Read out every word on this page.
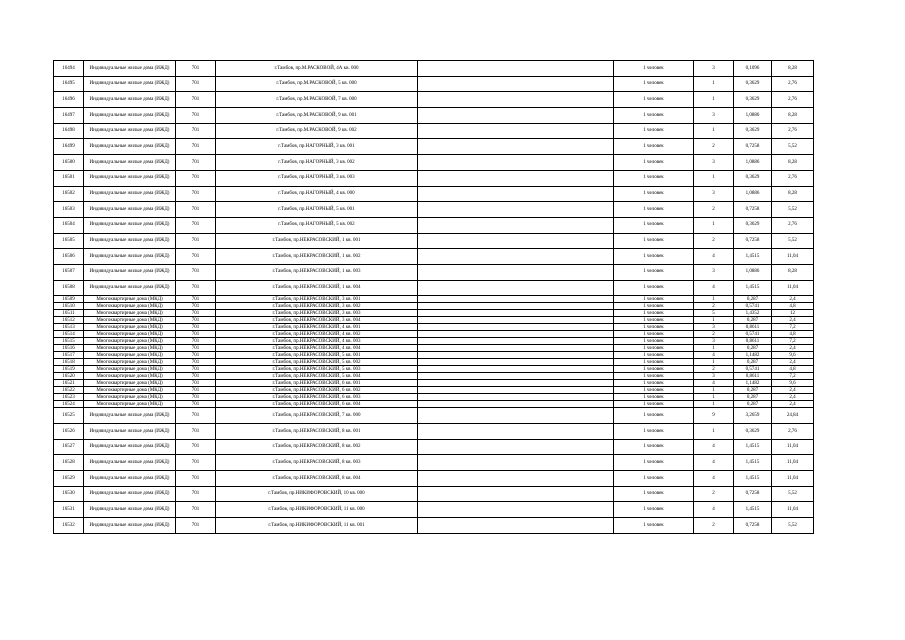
16494	Индивидуальные жилые дома (ИЖД)	701	г.Тамбов, пр.М.РАСКОВОЙ, 4А кв. 000		1 человек	3	0,1096	8,28
16495	Индивидуальные жилые дома (ИЖД)	701	г.Тамбов, пр.М.РАСКОВОЙ, 5 кв. 000		1 человек	1	0,3629	2,76
16496	Индивидуальные жилые дома (ИЖД)	701	г.Тамбов, пр.М.РАСКОВОЙ, 7 кв. 000		1 человек	1	0,3629	2,76
16497	Индивидуальные жилые дома (ИЖД)	701	г.Тамбов, пр.М.РАСКОВОЙ, 9 кв. 001		1 человек	3	1,0886	8,28
16498	Индивидуальные жилые дома (ИЖД)	701	г.Тамбов, пр.М.РАСКОВОЙ, 9 кв. 002		1 человек	1	0,3629	2,76
16499	Индивидуальные жилые дома (ИЖД)	701	г.Тамбов, пр.НАГОРНЫЙ, 3 кв. 001		1 человек	2	0,7258	5,52
16500	Индивидуальные жилые дома (ИЖД)	701	г.Тамбов, пр.НАГОРНЫЙ, 3 кв. 002		1 человек	3	1,0886	8,28
16501	Индивидуальные жилые дома (ИЖД)	701	г.Тамбов, пр.НАГОРНЫЙ, 3 кв. 003		1 человек	1	0,3629	2,76
16502	Индивидуальные жилые дома (ИЖД)	701	г.Тамбов, пр.НАГОРНЫЙ, 4 кв. 000		1 человек	3	1,0886	8,28
16503	Индивидуальные жилые дома (ИЖД)	701	г.Тамбов, пр.НАГОРНЫЙ, 5 кв. 001		1 человек	2	0,7258	5,52
16504	Индивидуальные жилые дома (ИЖД)	701	г.Тамбов, пр.НАГОРНЫЙ, 5 кв. 002		1 человек	1	0,3629	2,76
16505	Индивидуальные жилые дома (ИЖД)	701	г.Тамбов, пр.НЕКРАСОВСКИЙ, 1 кв. 001		1 человек	2	0,7258	5,52
16506	Индивидуальные жилые дома (ИЖД)	701	г.Тамбов, пр.НЕКРАСОВСКИЙ, 1 кв. 002		1 человек	4	1,4515	11,04
16507	Индивидуальные жилые дома (ИЖД)	701	г.Тамбов, пр.НЕКРАСОВСКИЙ, 1 кв. 003		1 человек	3	1,0886	8,28
16508	Индивидуальные жилые дома (ИЖД)	701	г.Тамбов, пр.НЕКРАСОВСКИЙ, 1 кв. 004		1 человек	4	1,4515	11,04
16509	Многоквартирные дома (МКД)	701	г.Тамбов, пр.НЕКРАСОВСКИЙ, 3 кв. 001		1 человек	1	0,287	2,4
16510	Многоквартирные дома (МКД)	701	г.Тамбов, пр.НЕКРАСОВСКИЙ, 3 кв. 002		1 человек	2	0,5741	4,8
16511	Многоквартирные дома (МКД)	701	г.Тамбов, пр.НЕКРАСОВСКИЙ, 3 кв. 003		1 человек	5	1,4352	12
16512	Многоквартирные дома (МКД)	701	г.Тамбов, пр.НЕКРАСОВСКИЙ, 3 кв. 004		1 человек	1	0,287	2,4
16513	Многоквартирные дома (МКД)	701	г.Тамбов, пр.НЕКРАСОВСКИЙ, 4 кв. 001		1 человек	3	0,8611	7,2
16514	Многоквартирные дома (МКД)	701	г.Тамбов, пр.НЕКРАСОВСКИЙ, 4 кв. 002		1 человек	2	0,5741	4,8
16515	Многоквартирные дома (МКД)	701	г.Тамбов, пр.НЕКРАСОВСКИЙ, 4 кв. 003		1 человек	3	0,8611	7,2
16516	Многоквартирные дома (МКД)	701	г.Тамбов, пр.НЕКРАСОВСКИЙ, 4 кв. 004		1 человек	1	0,287	2,4
16517	Многоквартирные дома (МКД)	701	г.Тамбов, пр.НЕКРАСОВСКИЙ, 5 кв. 001		1 человек	4	1,1482	9,6
16518	Многоквартирные дома (МКД)	701	г.Тамбов, пр.НЕКРАСОВСКИЙ, 5 кв. 002		1 человек	1	0,287	2,4
16519	Многоквартирные дома (МКД)	701	г.Тамбов, пр.НЕКРАСОВСКИЙ, 5 кв. 003		1 человек	2	0,5741	4,8
16520	Многоквартирные дома (МКД)	701	г.Тамбов, пр.НЕКРАСОВСКИЙ, 5 кв. 004		1 человек	3	0,8611	7,2
16521	Многоквартирные дома (МКД)	701	г.Тамбов, пр.НЕКРАСОВСКИЙ, 6 кв. 001		1 человек	4	1,1482	9,6
16522	Многоквартирные дома (МКД)	701	г.Тамбов, пр.НЕКРАСОВСКИЙ, 6 кв. 002		1 человек	1	0,287	2,4
16523	Многоквартирные дома (МКД)	701	г.Тамбов, пр.НЕКРАСОВСКИЙ, 6 кв. 003		1 человек	1	0,287	2,4
16524	Многоквартирные дома (МКД)	701	г.Тамбов, пр.НЕКРАСОВСКИЙ, 6 кв. 004		1 человек	1	0,287	2,4
16525	Индивидуальные жилые дома (ИЖД)	701	г.Тамбов, пр.НЕКРАСОВСКИЙ, 7 кв. 000		1 человек	9	3,2659	24,84
16526	Индивидуальные жилые дома (ИЖД)	701	г.Тамбов, пр.НЕКРАСОВСКИЙ, 8 кв. 001		1 человек	1	0,3629	2,76
16527	Индивидуальные жилые дома (ИЖД)	701	г.Тамбов, пр.НЕКРАСОВСКИЙ, 8 кв. 002		1 человек	4	1,4515	11,04
16528	Индивидуальные жилые дома (ИЖД)	701	г.Тамбов, пр.НЕКРАСОВСКИЙ, 8 кв. 003		1 человек	4	1,4515	11,04
16529	Индивидуальные жилые дома (ИЖД)	701	г.Тамбов, пр.НЕКРАСОВСКИЙ, 8 кв. 004		1 человек	4	1,4515	11,04
16530	Индивидуальные жилые дома (ИЖД)	701	г.Тамбов, пр.НИКИФОРОВСКИЙ, 10 кв. 000		1 человек	2	0,7258	5,52
16531	Индивидуальные жилые дома (ИЖД)	701	г.Тамбов, пр.НИКИФОРОВСКИЙ, 11 кв. 000		1 человек	4	1,4515	11,04
16532	Индивидуальные жилые дома (ИЖД)	701	г.Тамбов, пр.НИКИФОРОВСКИЙ, 11 кв. 001		1 человек	2	0,7258	5,52
